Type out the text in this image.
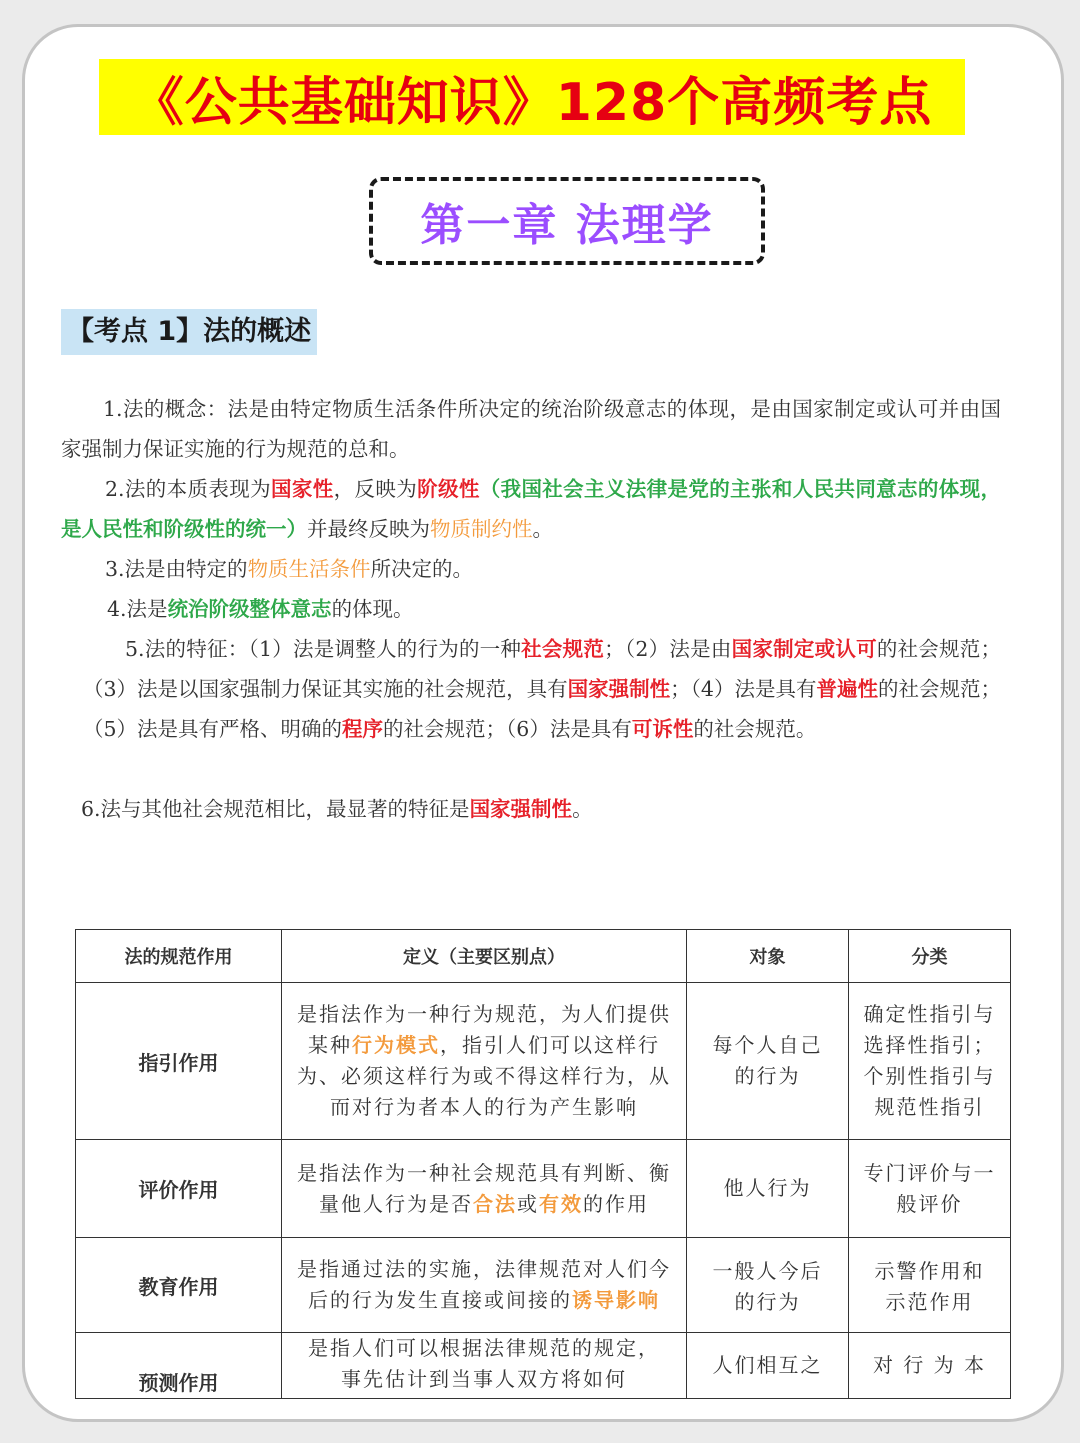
《公共基础知识》128个高频考点
第一章 法理学
【考点 1】法的概述
1.法的概念：法是由特定物质生活条件所决定的统治阶级意志的体现，是由国家制定或认可并由国家强制力保证实施的行为规范的总和。
2.法的本质表现为国家性，反映为阶级性（我国社会主义法律是党的主张和人民共同意志的体现，是人民性和阶级性的统一）并最终反映为物质制约性。
3.法是由特定的物质生活条件所决定的。
4.法是统治阶级整体意志的体现。
5.法的特征：（1）法是调整人的行为的一种社会规范；（2）法是由国家制定或认可的社会规范；（3）法是以国家强制力保证其实施的社会规范，具有国家强制性；（4）法是具有普遍性的社会规范；（5）法是具有严格、明确的程序的社会规范；（6）法是具有可诉性的社会规范。
6.法与其他社会规范相比，最显著的特征是国家强制性。
法的规范作用	定义（主要区别点）	对象	分类
指引作用	是指法作为一种行为规范，为人们提供某种行为模式，指引人们可以这样行为、必须这样行为或不得这样行为，从而对行为者本人的行为产生影响	每个人自己的行为	确定性指引与选择性指引；个别性指引与规范性指引
评价作用	是指法作为一种社会规范具有判断、衡量他人行为是否合法或有效的作用	他人行为	专门评价与一般评价
教育作用	是指通过法的实施，法律规范对人们今后的行为发生直接或间接的诱导影响	一般人今后的行为	示警作用和示范作用
预测作用	是指人们可以根据法律规范的规定，事先估计到当事人双方将如何	人们相互之	对 行 为 本
